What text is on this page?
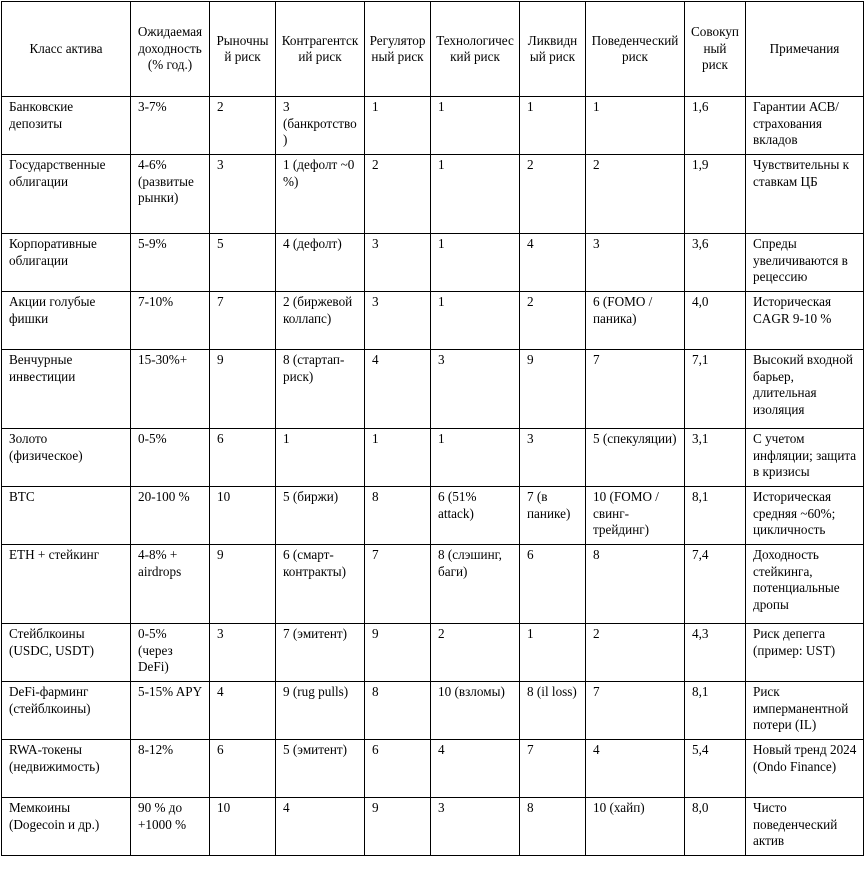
Класс актива	Ожидаемая доходность (% год.)	Рыночный риск	Контрагентский риск	Регуляторный риск	Технологический риск	Ликвидный риск	Поведенческий риск	Совокупный риск	Примечания
Банковские депозиты	3-7%	2	3 (банкротство)	1	1	1	1	1,6	Гарантии АСВ/страхования вкладов
Государственные облигации	4-6% (развитые рынки)	3	1 (дефолт ~0 %)	2	1	2	2	1,9	Чувствительны к ставкам ЦБ
Корпоративные облигации	5-9%	5	4 (дефолт)	3	1	4	3	3,6	Спреды увеличиваются в рецессию
Акции голубые фишки	7-10%	7	2 (биржевой коллапс)	3	1	2	6 (FOMO / паника)	4,0	Историческая CAGR 9-10 %
Венчурные инвестиции	15-30%+	9	8 (стартап-риск)	4	3	9	7	7,1	Высокий входной барьер, длительная изоляция
Золото (физическое)	0-5%	6	1	1	1	3	5 (спекуляции)	3,1	С учетом инфляции; защита в кризисы
BTC	20-100 %	10	5 (биржи)	8	6 (51% attack)	7 (в панике)	10 (FOMO /свинг-трейдинг)	8,1	Историческая средняя ~60%; цикличность
ETH + стейкинг	4-8% + airdrops	9	6 (смарт-контракты)	7	8 (слэшинг, баги)	6	8	7,4	Доходность стейкинга, потенциальные дропы
Стейблкоины (USDC, USDT)	0-5% (через DeFi)	3	7 (эмитент)	9	2	1	2	4,3	Риск депегга (пример: UST)
DeFi-фарминг (стейблкоины)	5-15% APY	4	9 (rug pulls)	8	10 (взломы)	8 (il loss)	7	8,1	Риск имперманентной потери (IL)
RWA-токены (недвижимость)	8-12%	6	5 (эмитент)	6	4	7	4	5,4	Новый тренд 2024 (Ondo Finance)
Мемкоины (Dogecoin и др.)	90 % до +1000 %	10	4	9	3	8	10 (хайп)	8,0	Чисто поведенческий актив
